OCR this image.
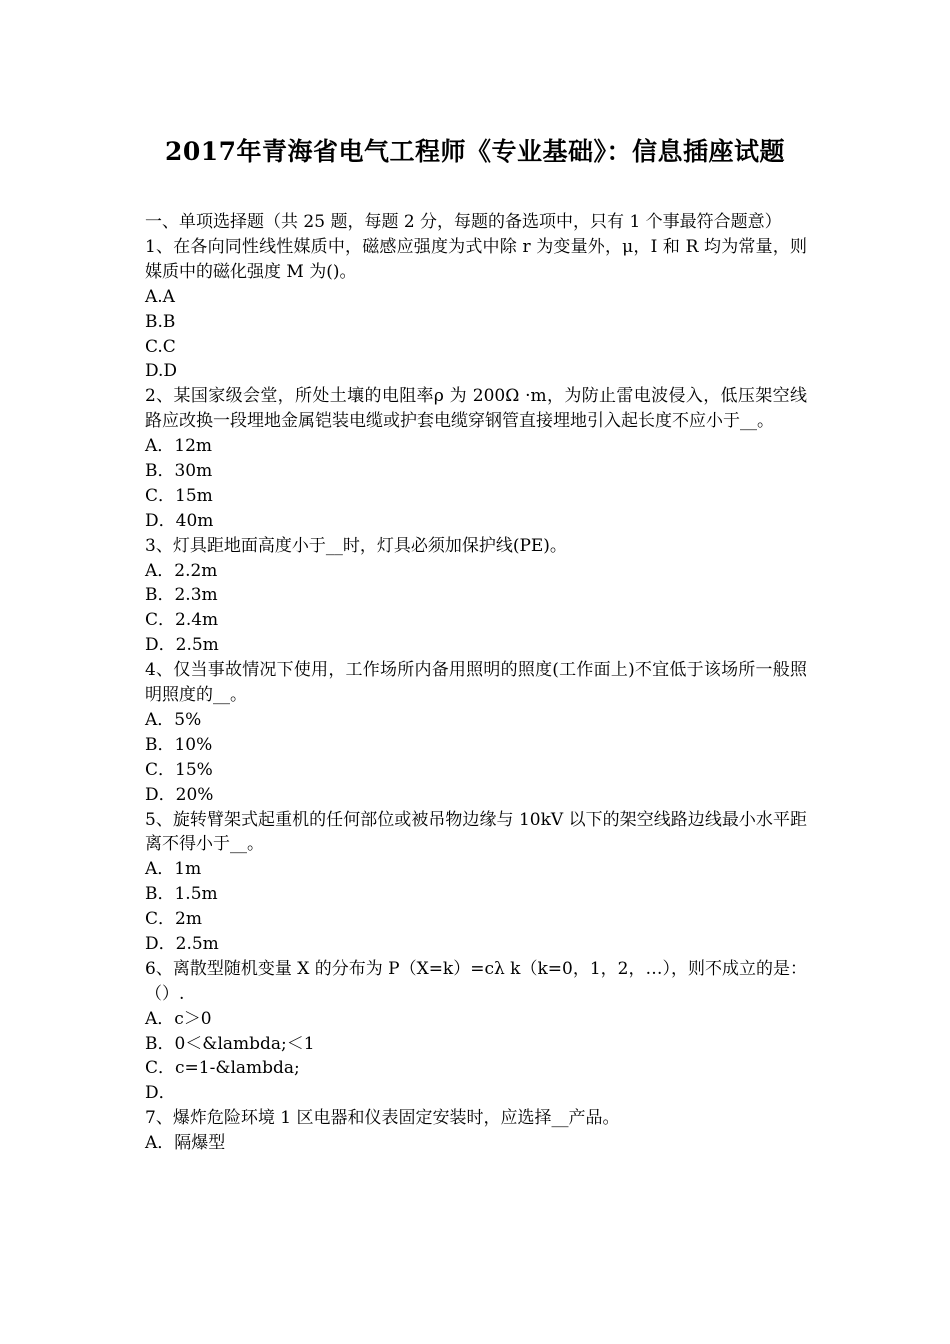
2017年青海省电气工程师《专业基础》：信息插座试题
一、单项选择题（共 25 题，每题 2 分，每题的备选项中，只有 1 个事最符合题意）
1、在各向同性线性媒质中，磁感应强度为式中除 r 为变量外，μ，I 和 R 均为常量，则媒质中的磁化强度 M 为()。
A.A
B.B
C.C
D.D
2、某国家级会堂，所处土壤的电阻率ρ 为 200Ω ·m，为防止雷电波侵入，低压架空线路应改换一段埋地金属铠装电缆或护套电缆穿钢管直接埋地引入起长度不应小于__。
A．12m
B．30m
C．15m
D．40m
3、灯具距地面高度小于__时，灯具必须加保护线(PE)。
A．2.2m
B．2.3m
C．2.4m
D．2.5m
4、仅当事故情况下使用，工作场所内备用照明的照度(工作面上)不宜低于该场所一般照明照度的__。
A．5%
B．10%
C．15%
D．20%
5、旋转臂架式起重机的任何部位或被吊物边缘与 10kV 以下的架空线路边线最小水平距离不得小于__。
A．1m
B．1.5m
C．2m
D．2.5m
6、离散型随机变量 X 的分布为 P（X=k）=cλ k（k=0，1，2，…），则不成立的是：（）.
A．c＞0
B．0＜&lambda;＜1
C．c=1-&lambda;
D．
7、爆炸危险环境 1 区电器和仪表固定安装时，应选择__产品。
A．隔爆型
